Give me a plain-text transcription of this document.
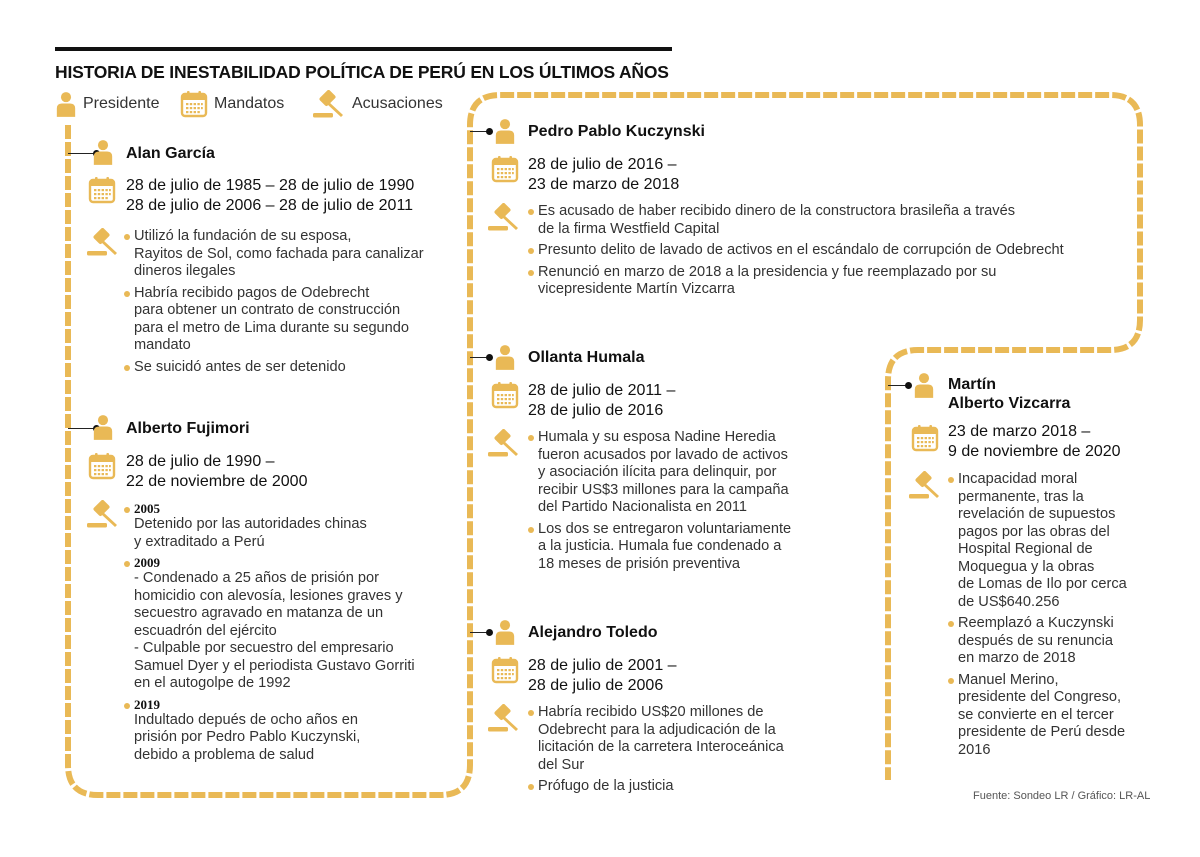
HISTORIA DE INESTABILIDAD POLÍTICA DE PERÚ EN LOS ÚLTIMOS AÑOS
Presidente	Mandatos	Acusaciones
Alan García
28 de julio de 1985 – 28 de julio de 1990
28 de julio de 2006 – 28 de julio de 2011
Utilizó la fundación de su esposa,
Rayitos de Sol, como fachada para canalizar
dineros ilegales
Habría recibido pagos de Odebrecht
para obtener un contrato de construcción
para el metro de Lima durante su segundo
mandato
Se suicidó antes de ser detenido
Alberto Fujimori
28 de julio de 1990 –
22 de noviembre de 2000
2005
Detenido por las autoridades chinas
y extraditado a Perú
2009
- Condenado a 25 años de prisión por
homicidio con alevosía, lesiones graves y
secuestro agravado en matanza de un
escuadrón del ejército
- Culpable por secuestro del empresario
Samuel Dyer y el periodista Gustavo Gorriti
en el autogolpe de 1992
2019
Indultado depués de ocho años en
prisión por Pedro Pablo Kuczynski,
debido a problema de salud
Pedro Pablo Kuczynski
28 de julio de 2016 –
23 de marzo de 2018
Es acusado de haber recibido dinero de la constructora brasileña a través
de la firma Westfield Capital
Presunto delito de lavado de activos en el escándalo de corrupción de Odebrecht
Renunció en marzo de 2018 a la presidencia y fue reemplazado por su
vicepresidente Martín Vizcarra
Ollanta Humala
28 de julio de 2011 –
28 de julio de 2016
Humala y su esposa Nadine Heredia
fueron acusados por lavado de activos
y asociación ilícita para delinquir, por
recibir US$3 millones para la campaña
del Partido Nacionalista en 2011
Los dos se entregaron voluntariamente
a la justicia. Humala fue condenado a
18 meses de prisión preventiva
Alejandro Toledo
28 de julio de 2001 –
28 de julio de 2006
Habría recibido US$20 millones de
Odebrecht para la adjudicación de la
licitación de la carretera Interoceánica
del Sur
Prófugo de la justicia
Martín
Alberto Vizcarra
23 de marzo 2018 –
9 de noviembre de 2020
Incapacidad moral
permanente, tras la
revelación de supuestos
pagos por las obras del
Hospital Regional de
Moquegua y la obras
de Lomas de Ilo por cerca
de US$640.256
Reemplazó a Kuczynski
después de su renuncia
en marzo de 2018
Manuel Merino,
presidente del Congreso,
se convierte en el tercer
presidente de Perú desde
2016
Fuente: Sondeo LR / Gráfico: LR-AL
